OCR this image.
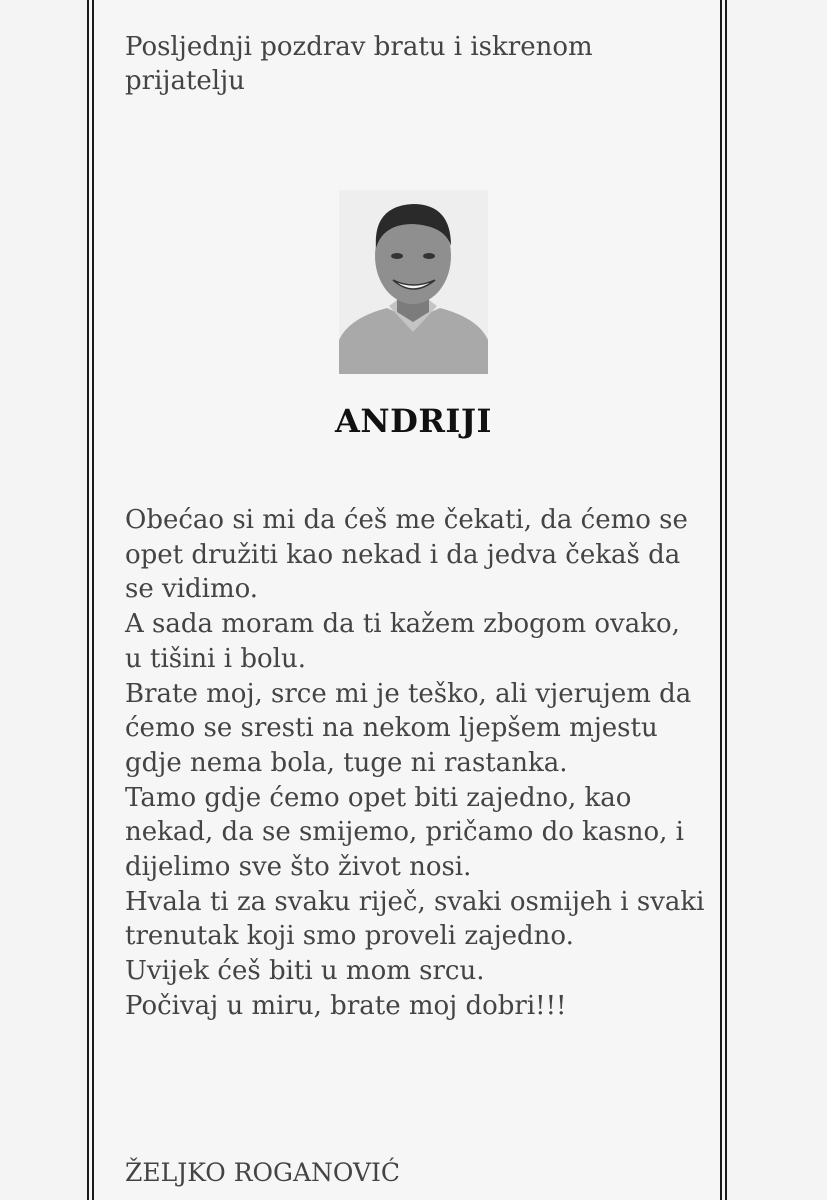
Posljednji pozdrav bratu i iskrenom
prijatelju

ANDRIJI

Obećao si mi da ćeš me čekati, da ćemo se
opet družiti kao nekad i da jedva čekaš da
se vidimo.
A sada moram da ti kažem zbogom ovako,
u tišini i bolu.
Brate moj, srce mi je teško, ali vjerujem da
ćemo se sresti na nekom ljepšem mjestu
gdje nema bola, tuge ni rastanka.
Tamo gdje ćemo opet biti zajedno, kao
nekad, da se smijemo, pričamo do kasno, i
dijelimo sve što život nosi.
Hvala ti za svaku riječ, svaki osmijeh i svaki
trenutak koji smo proveli zajedno.
Uvijek ćeš biti u mom srcu.
Počivaj u miru, brate moj dobri!!!

ŽELJKO ROGANOVIĆ
